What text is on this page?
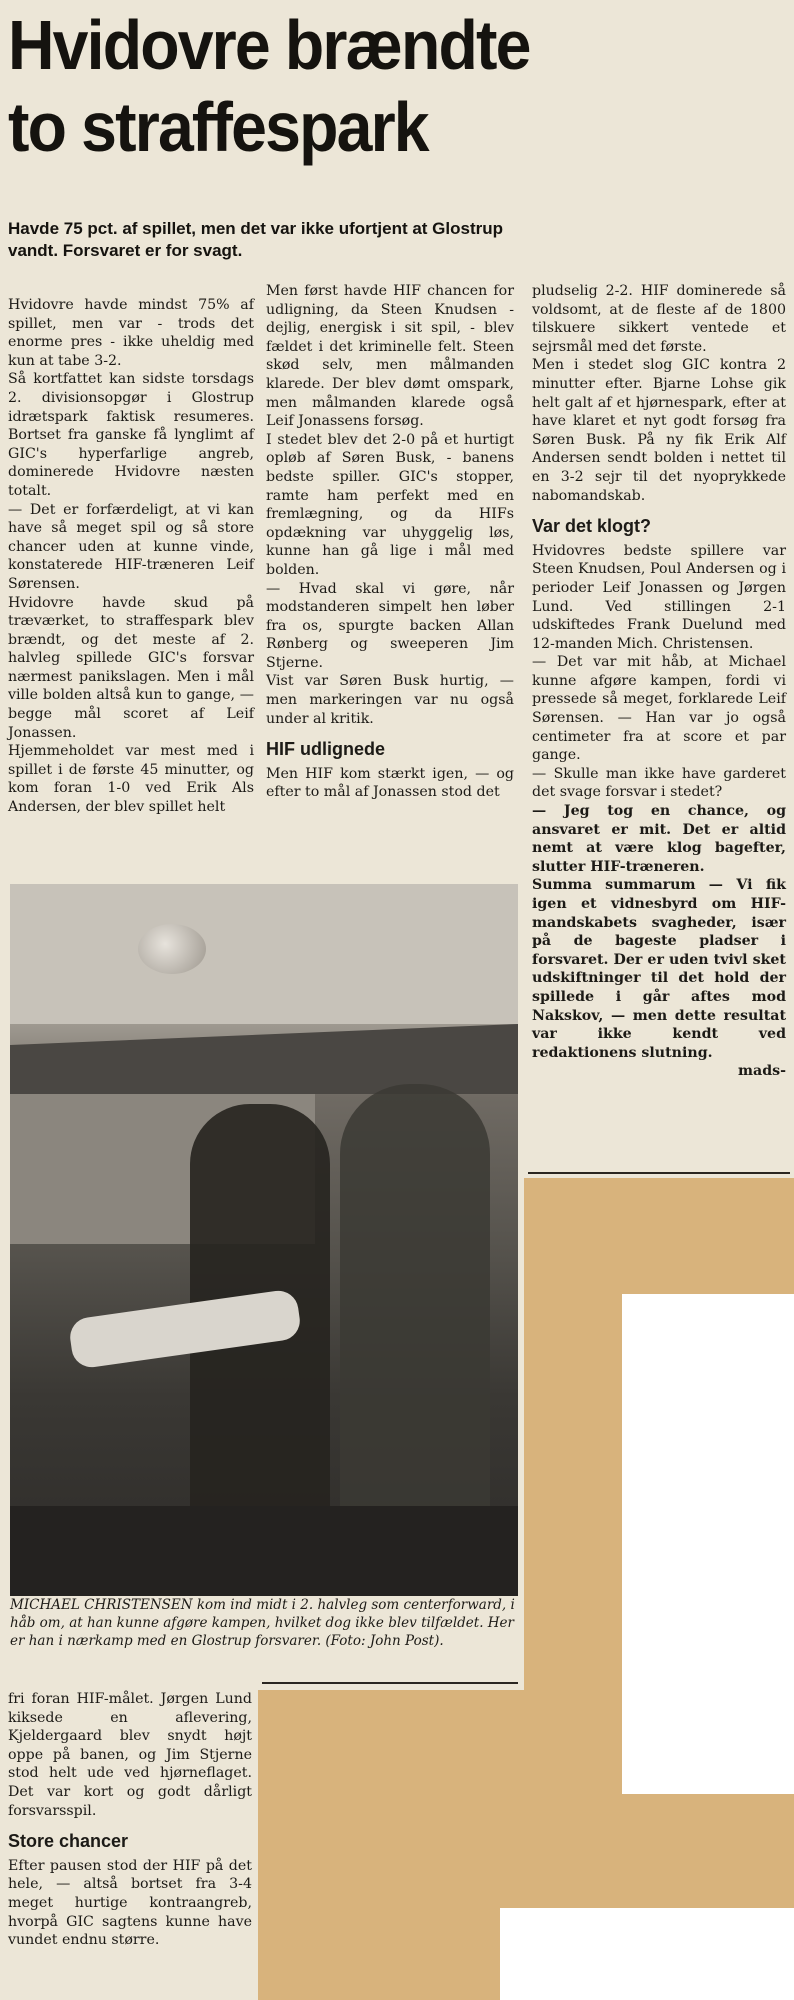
Hvidovre brændte
to straffespark
Havde 75 pct. af spillet, men det var ikke ufortjent at Glostrup vandt. Forsvaret er for svagt.

Hvidovre havde mindst 75% af spillet, men var - trods det enorme pres - ikke uheldig med kun at tabe 3-2.

Så kortfattet kan sidste torsdags 2. divisionsopgør i Glostrup idrætspark faktisk resumeres. Bortset fra ganske få lynglimt af GIC's hyperfarlige angreb, dominerede Hvidovre næsten totalt.

— Det er forfærdeligt, at vi kan have så meget spil og så store chancer uden at kunne vinde, konstaterede HIF-træneren Leif Sørensen.

Hvidovre havde skud på træværket, to straffespark blev brændt, og det meste af 2. halvleg spillede GIC's forsvar nærmest panikslagen. Men i mål ville bolden altså kun to gange, — begge mål scoret af Leif Jonassen.

Hjemmeholdet var mest med i spillet i de første 45 minutter, og kom foran 1-0 ved Erik Als Andersen, der blev spillet helt

Men først havde HIF chancen for udligning, da Steen Knudsen - dejlig, energisk i sit spil, - blev fældet i det kriminelle felt. Steen skød selv, men målmanden klarede. Der blev dømt omspark, men målmanden klarede også Leif Jonassens forsøg.

I stedet blev det 2-0 på et hurtigt opløb af Søren Busk, - banens bedste spiller. GIC's stopper, ramte ham perfekt med en fremlægning, og da HIFs opdækning var uhyggelig løs, kunne han gå lige i mål med bolden.

— Hvad skal vi gøre, når modstanderen simpelt hen løber fra os, spurgte backen Allan Rønberg og sweeperen Jim Stjerne.

Vist var Søren Busk hurtig, — men markeringen var nu også under al kritik.

HIF udlignede

Men HIF kom stærkt igen, — og efter to mål af Jonassen stod det

pludselig 2-2. HIF dominerede så voldsomt, at de fleste af de 1800 tilskuere sikkert ventede et sejrsmål med det første.

Men i stedet slog GIC kontra 2 minutter efter. Bjarne Lohse gik helt galt af et hjørnespark, efter at have klaret et nyt godt forsøg fra Søren Busk. På ny fik Erik Alf Andersen sendt bolden i nettet til en 3-2 sejr til det nyoprykkede nabomandskab.

Var det klogt?

Hvidovres bedste spillere var Steen Knudsen, Poul Andersen og i perioder Leif Jonassen og Jørgen Lund. Ved stillingen 2-1 udskiftedes Frank Duelund med 12-manden Mich. Christensen.

— Det var mit håb, at Michael kunne afgøre kampen, fordi vi pressede så meget, forklarede Leif Sørensen. — Han var jo også centimeter fra at score et par gange.

— Skulle man ikke have garderet det svage forsvar i stedet?

— Jeg tog en chance, og ansvaret er mit. Det er altid nemt at være klog bagefter, slutter HIF-træneren.

Summa summarum — Vi fik igen et vidnesbyrd om HIF-mandskabets svagheder, især på de bageste pladser i forsvaret. Der er uden tvivl sket udskiftninger til det hold der spillede i går aftes mod Nakskov, — men dette resultat var ikke kendt ved redaktionens slutning.

mads-

MICHAEL CHRISTENSEN kom ind midt i 2. halvleg som centerforward, i håb om, at han kunne afgøre kampen, hvilket dog ikke blev tilfældet. Her er han i nærkamp med en Glostrup forsvarer. (Foto: John Post).

fri foran HIF-målet. Jørgen Lund kiksede en aflevering, Kjeldergaard blev snydt højt oppe på banen, og Jim Stjerne stod helt ude ved hjørneflaget. Det var kort og godt dårligt forsvarsspil.

Store chancer

Efter pausen stod der HIF på det hele, — altså bortset fra 3-4 meget hurtige kontraangreb, hvorpå GIC sagtens kunne have vundet endnu større.
